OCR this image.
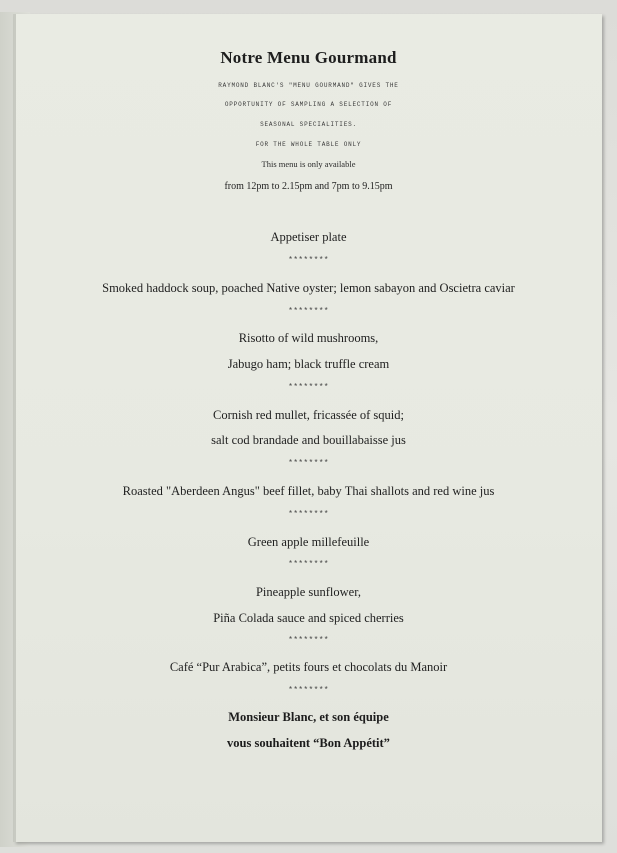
Notre Menu Gourmand
RAYMOND BLANC'S "MENU GOURMAND" GIVES THE
OPPORTUNITY OF SAMPLING A SELECTION OF
SEASONAL SPECIALITIES.
FOR THE WHOLE TABLE ONLY
This menu is only available
from 12pm to 2.15pm and 7pm to 9.15pm
Appetiser plate
********
Smoked haddock soup, poached Native oyster; lemon sabayon and Oscietra caviar
********
Risotto of wild mushrooms,
Jabugo ham; black truffle cream
********
Cornish red mullet, fricassée of squid;
salt cod brandade and bouillabaisse jus
********
Roasted "Aberdeen Angus" beef fillet, baby Thai shallots and red wine jus
********
Green apple millefeuille
********
Pineapple sunflower,
Piña Colada sauce and spiced cherries
********
Café “Pur Arabica”, petits fours et chocolats du Manoir
********
Monsieur Blanc, et son équipe
vous souhaitent “Bon Appétit”
